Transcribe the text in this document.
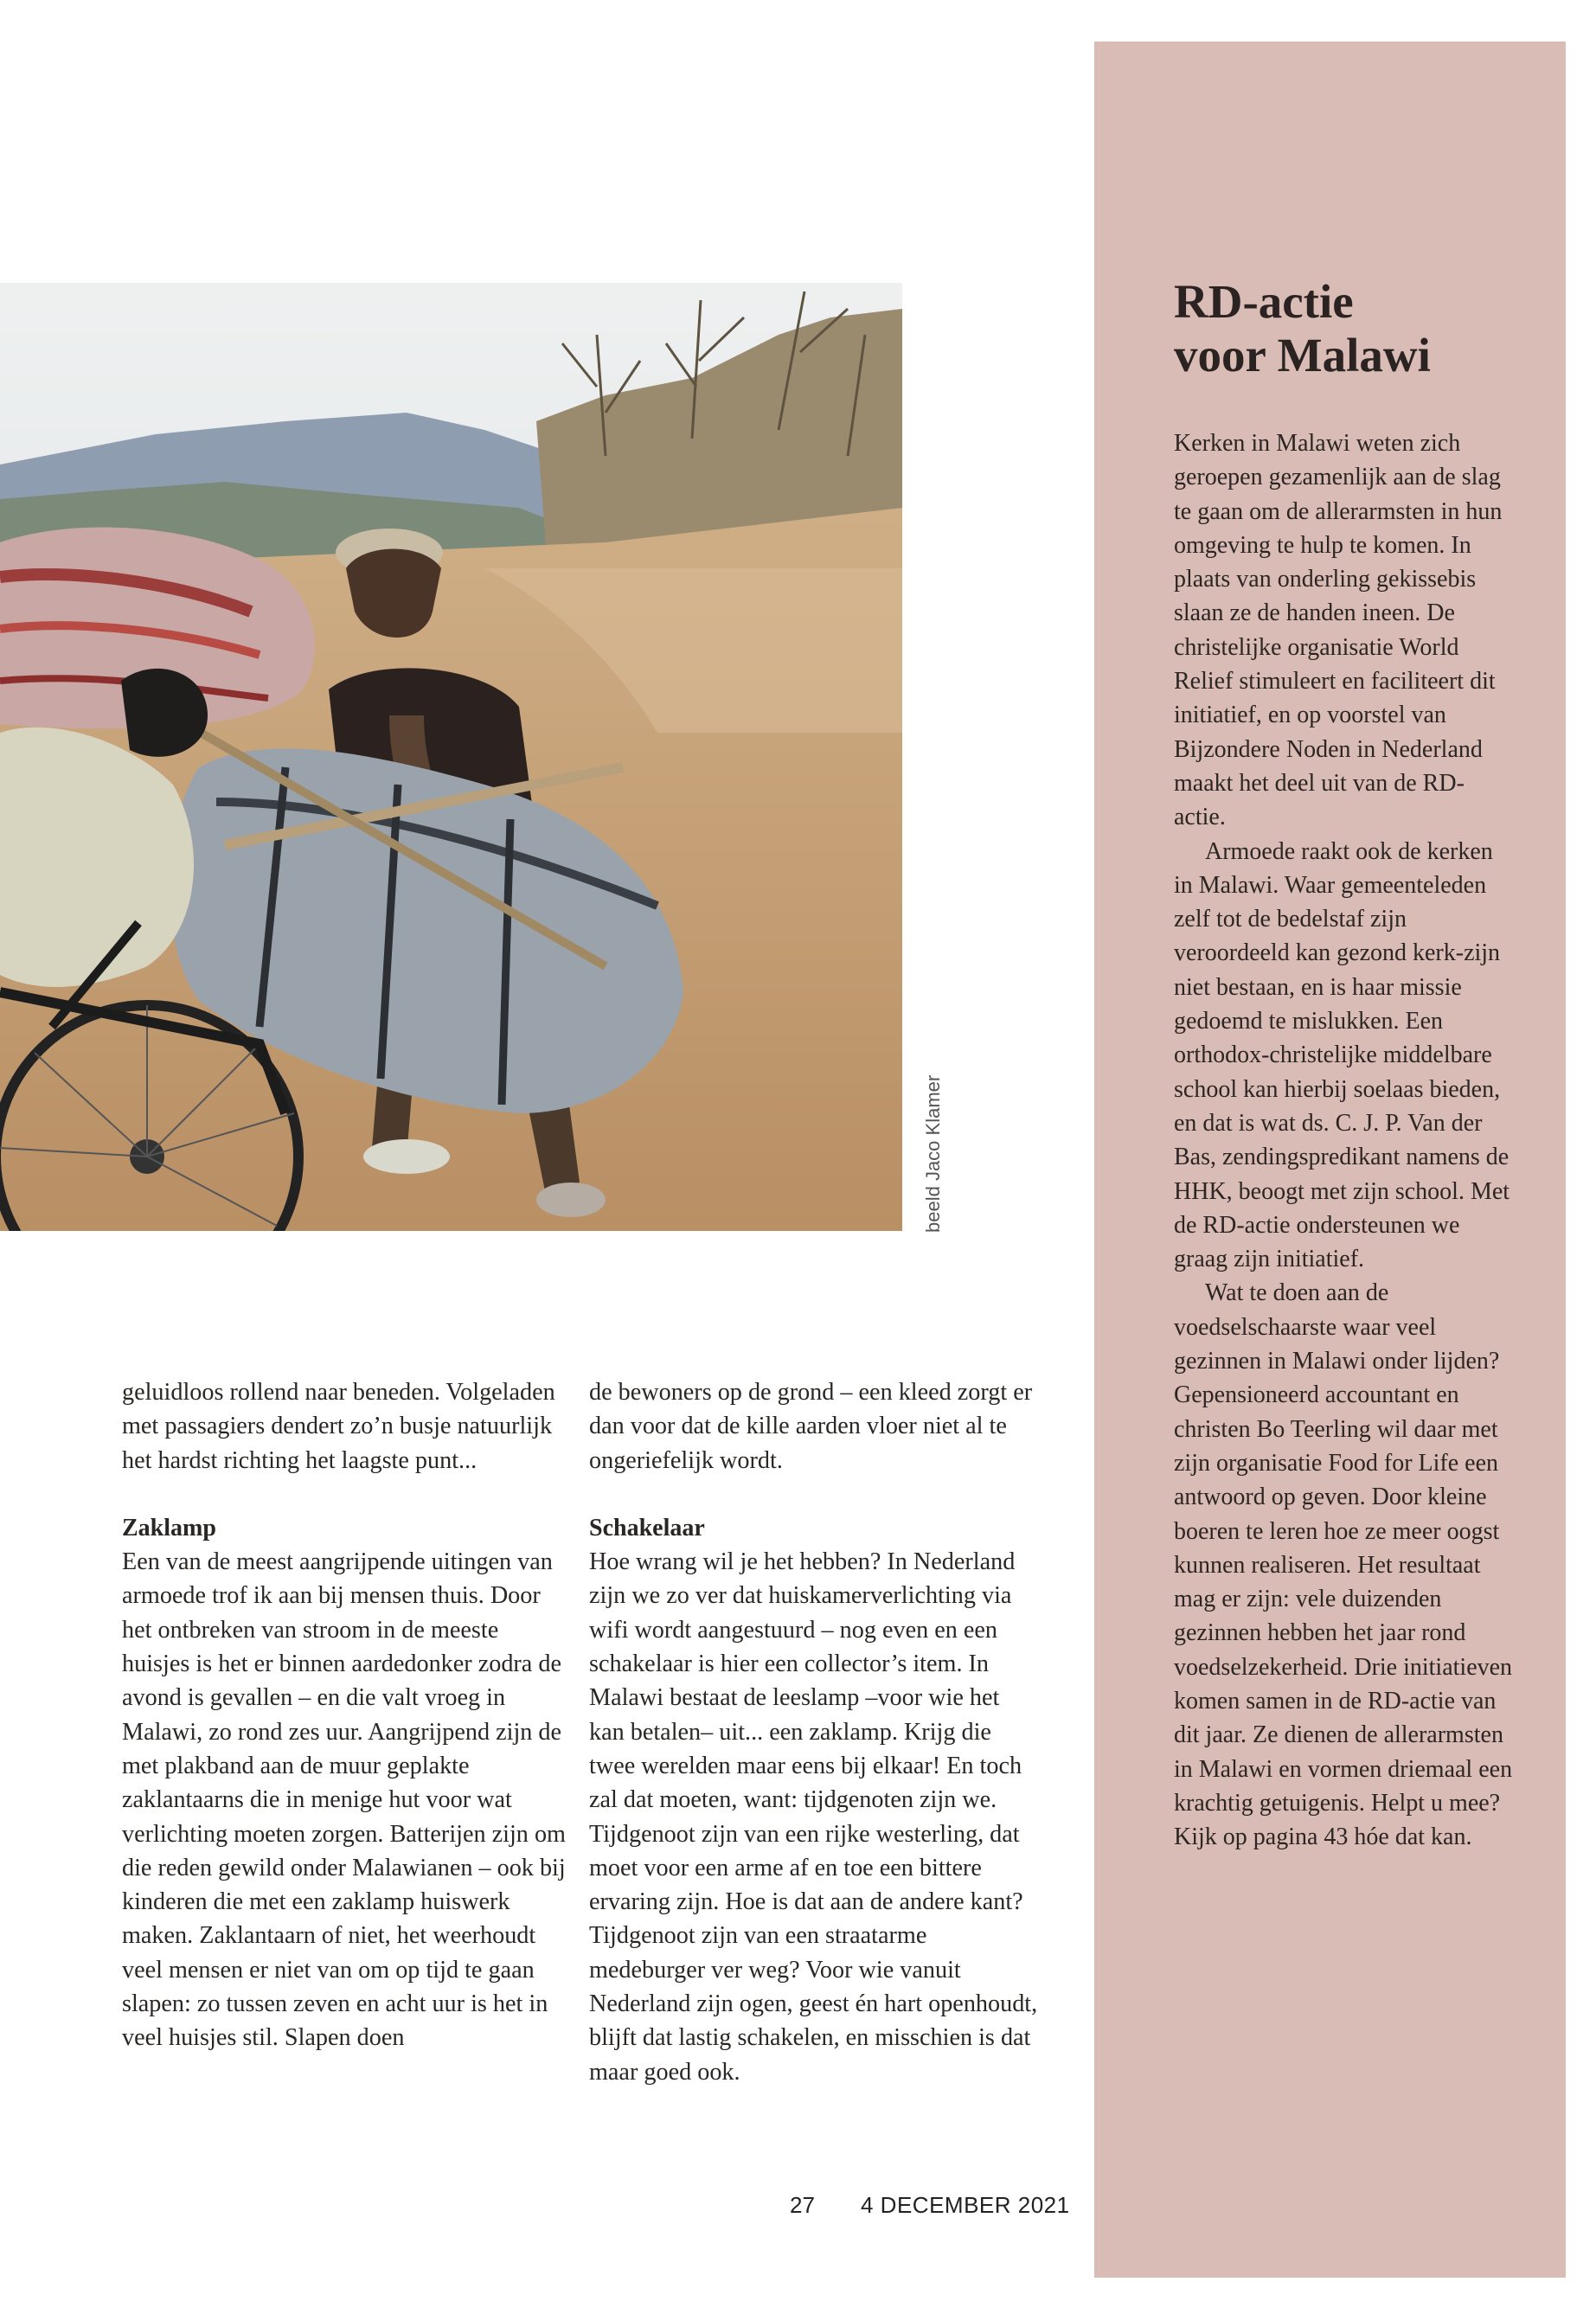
beeld Jaco Klamer

geluidloos rollend naar beneden. Volgeladen met passagiers dendert zo’n busje natuurlijk het hardst richting het laagste punt...

Zaklamp

Een van de meest aangrijpende uitingen van armoede trof ik aan bij mensen thuis. Door het ontbreken van stroom in de meeste huisjes is het er binnen aardedonker zodra de avond is gevallen – en die valt vroeg in Malawi, zo rond zes uur. Aangrijpend zijn de met plakband aan de muur geplakte zaklantaarns die in menige hut voor wat verlichting moeten zorgen. Batterijen zijn om die reden gewild onder Malawianen – ook bij kinderen die met een zaklamp huiswerk maken. Zaklantaarn of niet, het weerhoudt veel mensen er niet van om op tijd te gaan slapen: zo tussen zeven en acht uur is het in veel huisjes stil. Slapen doen

de bewoners op de grond – een kleed zorgt er dan voor dat de kille aarden vloer niet al te ongeriefelijk wordt.

Schakelaar

Hoe wrang wil je het hebben? In Nederland zijn we zo ver dat huiskamerverlichting via wifi wordt aangestuurd – nog even en een schakelaar is hier een collector’s item. In Malawi bestaat de leeslamp –voor wie het kan betalen– uit... een zaklamp. Krijg die twee werelden maar eens bij elkaar! En toch zal dat moeten, want: tijdgenoten zijn we. Tijdgenoot zijn van een rijke westerling, dat moet voor een arme af en toe een bittere ervaring zijn. Hoe is dat aan de andere kant? Tijdgenoot zijn van een straatarme medeburger ver weg? Voor wie vanuit Nederland zijn ogen, geest én hart openhoudt, blijft dat lastig schakelen, en misschien is dat maar goed ook.

RD-actie
voor Malawi

Kerken in Malawi weten zich geroepen gezamenlijk aan de slag te gaan om de allerarmsten in hun omgeving te hulp te komen. In plaats van onderling gekissebis slaan ze de handen ineen. De christelijke organisatie World Relief stimuleert en faciliteert dit initiatief, en op voorstel van Bijzondere Noden in Nederland maakt het deel uit van de RD-actie.

Armoede raakt ook de kerken in Malawi. Waar gemeenteleden zelf tot de bedelstaf zijn veroordeeld kan gezond kerk-zijn niet bestaan, en is haar missie gedoemd te mislukken. Een orthodox-christelijke middelbare school kan hierbij soelaas bieden, en dat is wat ds. C. J. P. Van der Bas, zendingspredikant namens de HHK, beoogt met zijn school. Met de RD-actie ondersteunen we graag zijn initiatief.

Wat te doen aan de voedselschaarste waar veel gezinnen in Malawi onder lijden? Gepensioneerd accountant en christen Bo Teerling wil daar met zijn organisatie Food for Life een antwoord op geven. Door kleine boeren te leren hoe ze meer oogst kunnen realiseren. Het resultaat mag er zijn: vele duizenden gezinnen hebben het jaar rond voedselzekerheid. Drie initiatieven komen samen in de RD-actie van dit jaar. Ze dienen de allerarmsten in Malawi en vormen driemaal een krachtig getuigenis. Helpt u mee? Kijk op pagina 43 hóe dat kan.

27 4 DECEMBER 2021
